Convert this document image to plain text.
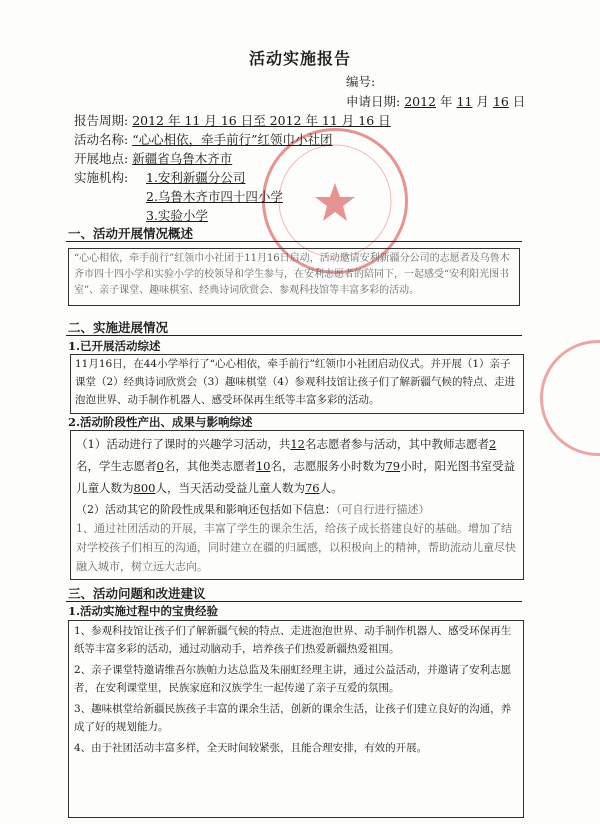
活动实施报告
编号:
申请日期: 2012 年 11 月 16 日
报告周期: 2012 年 11 月 16 日至 2012 年 11 月 16 日
活动名称: “心心相依，牵手前行”红领巾小社团
开展地点: 新疆省乌鲁木齐市
实施机构: 1.安利新疆分公司
2.乌鲁木齐市四十四小学
3.实验小学
一、活动开展情况概述
“心心相依，牵手前行”红领巾小社团于11月16日启动，活动邀请安利新疆分公司的志愿者及乌鲁木齐市四十四小学和实验小学的校领导和学生参与，在安利志愿者的陪同下，一起感受“安利阳光图书室”、亲子课堂、趣味棋室、经典诗词欣赏会、参观科技馆等丰富多彩的活动。
二、实施进展情况
1.已开展活动综述
11月16日，在44小学举行了“心心相依，牵手前行”红领巾小社团启动仪式。并开展（1）亲子课堂（2）经典诗词欣赏会（3）趣味棋堂（4）参观科技馆让孩子们了解新疆气候的特点、走进泡泡世界、动手制作机器人、感受环保再生纸等丰富多彩的活动。
2.活动阶段性产出、成果与影响综述
（1）活动进行了课时的兴趣学习活动，共12名志愿者参与活动，其中教师志愿者2名，学生志愿者0名，其他类志愿者10名，志愿服务小时数为79小时，阳光图书室受益儿童人数为800人，当天活动受益儿童人数为76人。
（2）活动其它的阶段性成果和影响还包括如下信息：（可自行进行描述）
1、通过社团活动的开展，丰富了学生的课余生活，给孩子成长搭建良好的基础。增加了结对学校孩子们相互的沟通，同时建立在疆的归属感，以积极向上的精神，帮助流动儿童尽快融入城市，树立远大志向。
三、活动问题和改进建议
1.活动实施过程中的宝贵经验
1、参观科技馆让孩子们了解新疆气候的特点、走进泡泡世界、动手制作机器人、感受环保再生纸等丰富多彩的活动，通过动脑动手，培养孩子们热爱新疆热爱祖国。
2、亲子课堂特邀请维吾尔族帕力达总监及朱丽虹经理主讲，通过公益活动，并邀请了安利志愿者，在安利课堂里，民族家庭和汉族学生一起传递了亲子互爱的氛围。
3、趣味棋堂给新疆民族孩子丰富的课余生活，创新的课余生活，让孩子们建立良好的沟通，养成了好的规划能力。
4、由于社团活动丰富多样，全天时间较紧张，且能合理安排，有效的开展。
